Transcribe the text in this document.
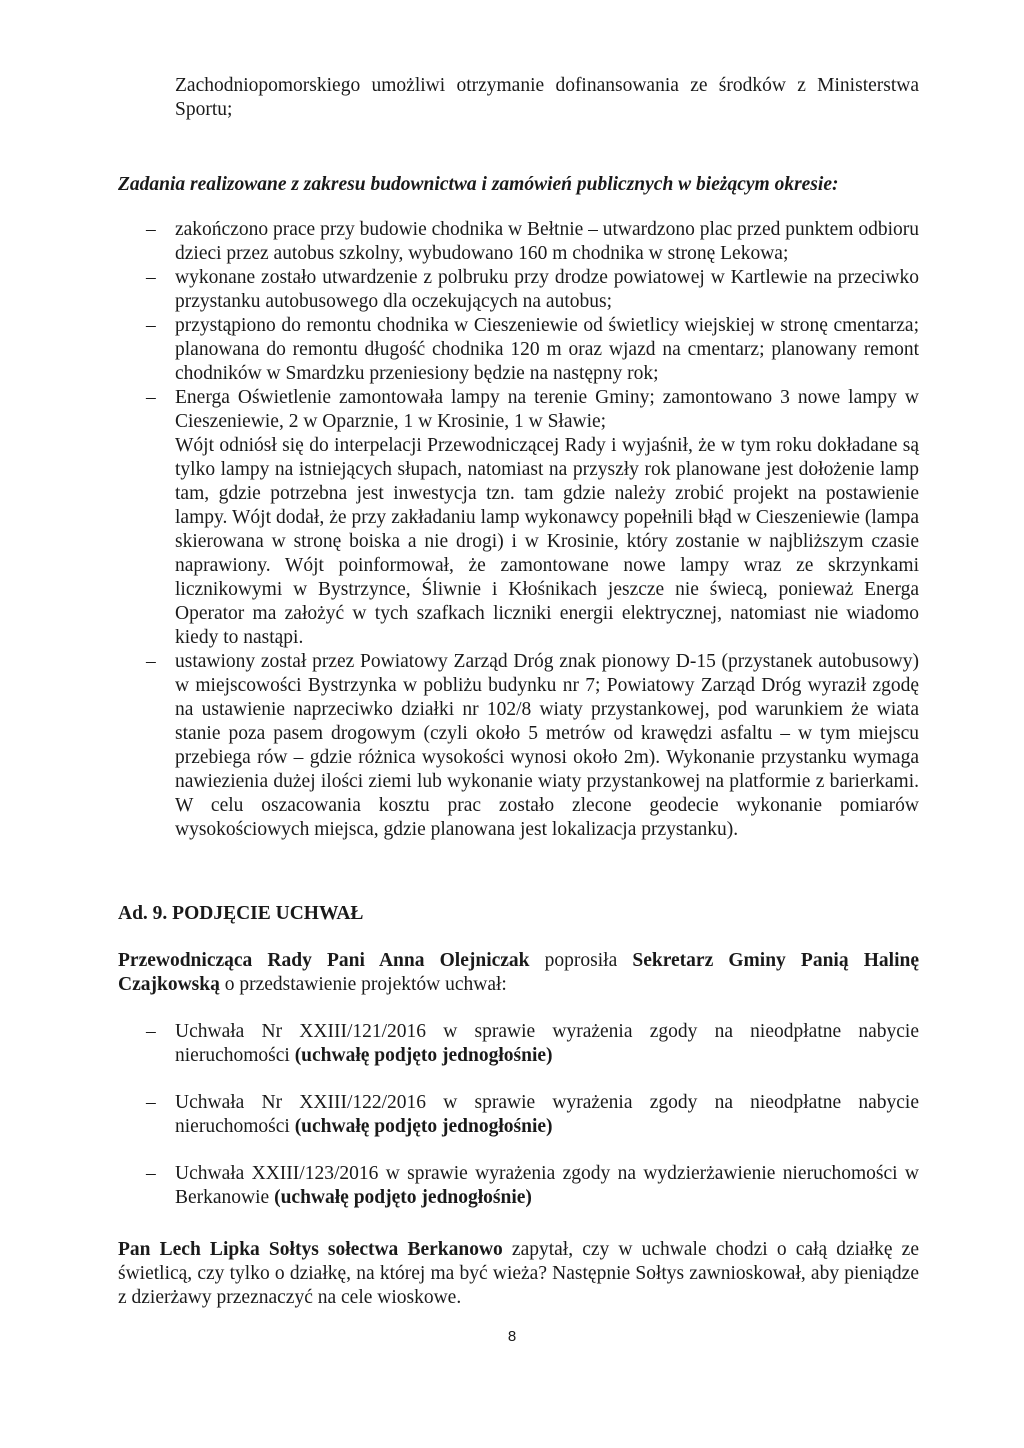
Zachodniopomorskiego umożliwi otrzymanie dofinansowania ze środków z Ministerstwa Sportu;
Zadania realizowane z zakresu budownictwa i zamówień publicznych w bieżącym okresie:
– zakończono prace przy budowie chodnika w Bełtnie – utwardzono plac przed punktem odbioru dzieci przez autobus szkolny, wybudowano 160 m chodnika w stronę Lekowa;
– wykonane zostało utwardzenie z polbruku przy drodze powiatowej w Kartlewie na przeciwko przystanku autobusowego dla oczekujących na autobus;
– przystąpiono do remontu chodnika w Cieszeniewie od świetlicy wiejskiej w stronę cmentarza; planowana do remontu długość chodnika 120 m oraz wjazd na cmentarz; planowany remont chodników w Smardzku przeniesiony będzie na następny rok;
– Energa Oświetlenie zamontowała lampy na terenie Gminy; zamontowano 3 nowe lampy w Cieszeniewie, 2 w Oparznie, 1 w Krosinie, 1 w Sławie;
Wójt odniósł się do interpelacji Przewodniczącej Rady i wyjaśnił, że w tym roku dokładane są tylko lampy na istniejących słupach, natomiast na przyszły rok planowane jest dołożenie lamp tam, gdzie potrzebna jest inwestycja tzn. tam gdzie należy zrobić projekt na postawienie lampy. Wójt dodał, że przy zakładaniu lamp wykonawcy popełnili błąd w Cieszeniewie (lampa skierowana w stronę boiska a nie drogi) i w Krosinie, który zostanie w najbliższym czasie naprawiony. Wójt poinformował, że zamontowane nowe lampy wraz ze skrzynkami licznikowymi w Bystrzynce, Śliwnie i Kłośnikach jeszcze nie świecą, ponieważ Energa Operator ma założyć w tych szafkach liczniki energii elektrycznej, natomiast nie wiadomo kiedy to nastąpi.
– ustawiony został przez Powiatowy Zarząd Dróg znak pionowy D-15 (przystanek autobusowy) w miejscowości Bystrzynka w pobliżu budynku nr 7; Powiatowy Zarząd Dróg wyraził zgodę na ustawienie naprzeciwko działki nr 102/8 wiaty przystankowej, pod warunkiem że wiata stanie poza pasem drogowym (czyli około 5 metrów od krawędzi asfaltu – w tym miejscu przebiega rów – gdzie różnica wysokości wynosi około 2m). Wykonanie przystanku wymaga nawiezienia dużej ilości ziemi lub wykonanie wiaty przystankowej na platformie z barierkami. W celu oszacowania kosztu prac zostało zlecone geodecie wykonanie pomiarów wysokościowych miejsca, gdzie planowana jest lokalizacja przystanku).
Ad. 9. PODJĘCIE UCHWAŁ
Przewodnicząca Rady Pani Anna Olejniczak poprosiła Sekretarz Gminy Panią Halinę Czajkowską o przedstawienie projektów uchwał:
– Uchwała Nr XXIII/121/2016 w sprawie wyrażenia zgody na nieodpłatne nabycie nieruchomości (uchwałę podjęto jednogłośnie)
– Uchwała Nr XXIII/122/2016 w sprawie wyrażenia zgody na nieodpłatne nabycie nieruchomości (uchwałę podjęto jednogłośnie)
– Uchwała XXIII/123/2016 w sprawie wyrażenia zgody na wydzierżawienie nieruchomości w Berkanowie (uchwałę podjęto jednogłośnie)
Pan Lech Lipka Sołtys sołectwa Berkanowo zapytał, czy w uchwale chodzi o całą działkę ze świetlicą, czy tylko o działkę, na której ma być wieża? Następnie Sołtys zawnioskował, aby pieniądze z dzierżawy przeznaczyć na cele wioskowe.
8
